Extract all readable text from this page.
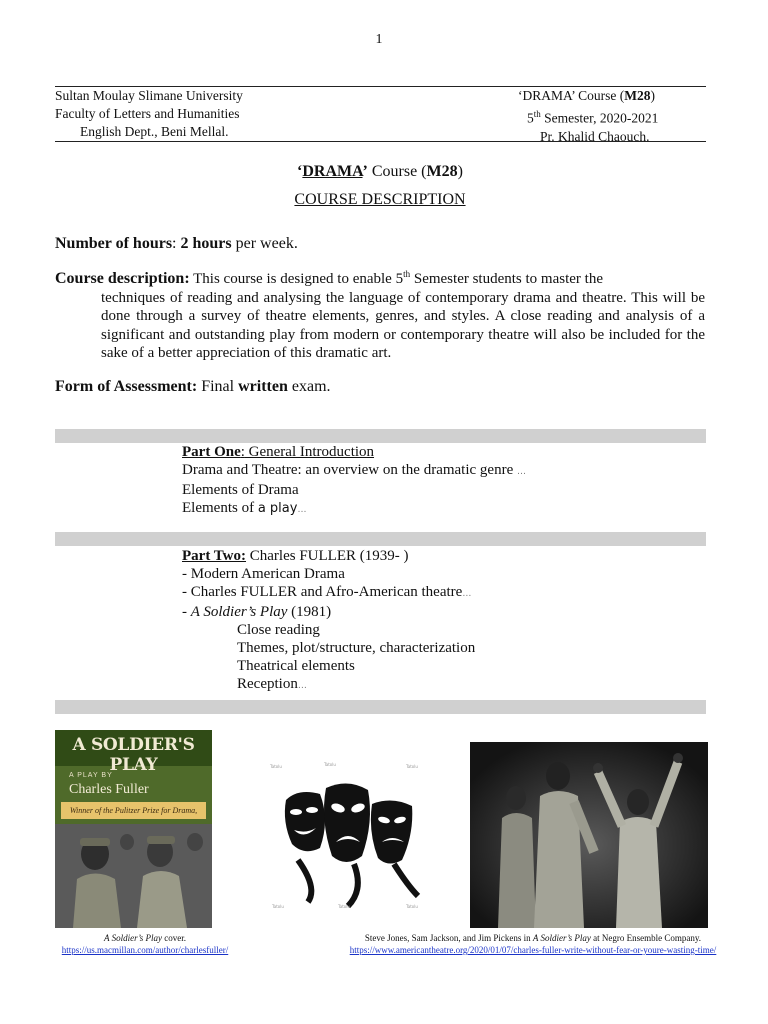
1
Sultan Moulay Slimane University
Faculty of Letters and Humanities
English Dept., Beni Mellal.
‘DRAMA’ Course (M28)
5th Semester, 2020-2021
Pr. Khalid Chaouch.
‘DRAMA’ Course (M28)
COURSE DESCRIPTION
Number of hours: 2 hours per week.
Course description: This course is designed to enable 5th Semester students to master the
techniques of reading and analysing the language of contemporary drama and theatre. This will be done through a survey of theatre elements, genres, and styles. A close reading and analysis of a significant and outstanding play from modern or contemporary theatre will also be included for the sake of a better appreciation of this dramatic art.
Form of Assessment: Final written exam.
Part One: General Introduction
Drama and Theatre: an overview on the dramatic genre …
Elements of Drama
Elements of a play…
Part Two: Charles FULLER (1939- )
- Modern American Drama
- Charles FULLER and Afro-American theatre…
- A Soldier’s Play (1981)
Close reading
Themes, plot/structure, characterization
Theatrical elements
Reception…
A SOLDIER'S PLAY
A PLAY BY
Charles Fuller
Winner of the Pulitzer Prize for Drama,
Tatolu	Tatolu	Tatolu
Tatolu	Tatolu	Tatolu
A Soldier’s Play cover.
https://us.macmillan.com/author/charlesfuller/
Steve Jones, Sam Jackson, and Jim Pickens in A Soldier’s Play at Negro Ensemble Company.
https://www.americantheatre.org/2020/01/07/charles-fuller-write-without-fear-or-youre-wasting-time/
